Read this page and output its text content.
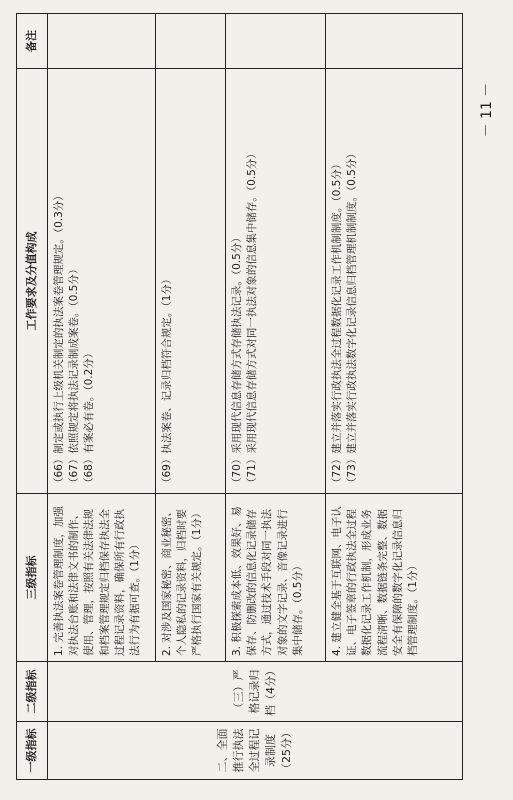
一级指标	二级指标	三级指标	工作要求及分值构成	备注
二、全面推行执法全过程记录制度（25分）	（三）严格记录归档（4分）	1. 完善执法案卷管理制度，加强对执法台账和法律文书的制作、使用、管理，按照有关法律法规和档案管理规定归档保存执法全过程记录资料，确保所有行政执法行为有据可查。（1分）	（66）制定或执行上级机关制定的执法案卷管理规定。（0.3分） （67）依照规定将执法记录制成案卷。（0.5分） （68）有案必有卷。（0.2分）	

		2. 对涉及国家秘密、商业秘密、个人隐私的记录资料，归档时要严格执行国家有关规定。（1分）	（69）执法案卷、记录归档符合规定。（1分）	

		3. 积极探索成本低、效果好、易保存、防删改的信息化记录储存方式，通过技术手段对同一执法对象的文字记录、音像记录进行集中储存。（0.5分）	（70）采用现代信息存储方式存储执法记录。（0.5分） （71）采用现代信息存储方式对同一执法对象的信息集中储存。（0.5分）	

		4. 建立健全基于互联网、电子认证、电子签章的行政执法全过程数据化记录工作机制，形成业务流程清晰、数据链条完整、数据安全有保障的数字化记录信息归档管理制度。（1分）	（72）建立并落实行政执法全过程数据化记录工作机制制度。（0.5分） （73）建立并落实行政执法数字化记录信息归档管理机制制度。（0.5分）	

－ 11 －
